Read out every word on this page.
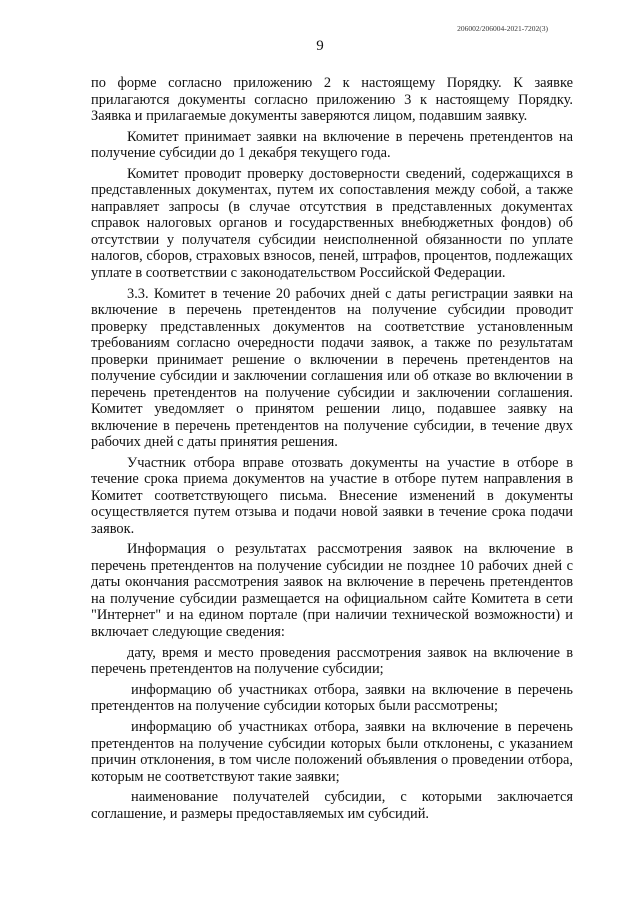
206002/206004-2021-7202(3)
9

по форме согласно приложению 2 к настоящему Порядку. К заявке прилагаются документы согласно приложению 3 к настоящему Порядку. Заявка и прилагаемые документы заверяются лицом, подавшим заявку.

Комитет принимает заявки на включение в перечень претендентов на получение субсидии до 1 декабря текущего года.

Комитет проводит проверку достоверности сведений, содержащихся в представленных документах, путем их сопоставления между собой, а также направляет запросы (в случае отсутствия в представленных документах справок налоговых органов и государственных внебюджетных фондов) об отсутствии у получателя субсидии неисполненной обязанности по уплате налогов, сборов, страховых взносов, пеней, штрафов, процентов, подлежащих уплате в соответствии с законодательством Российской Федерации.

3.3. Комитет в течение 20 рабочих дней с даты регистрации заявки на включение в перечень претендентов на получение субсидии проводит проверку представленных документов на соответствие установленным требованиям согласно очередности подачи заявок, а также по результатам проверки принимает решение о включении в перечень претендентов на получение субсидии и заключении соглашения или об отказе во включении в перечень претендентов на получение субсидии и заключении соглашения. Комитет уведомляет о принятом решении лицо, подавшее заявку на включение в перечень претендентов на получение субсидии, в течение двух рабочих дней с даты принятия решения.

Участник отбора вправе отозвать документы на участие в отборе в течение срока приема документов на участие в отборе путем направления в Комитет соответствующего письма. Внесение изменений в документы осуществляется путем отзыва и подачи новой заявки в течение срока подачи заявок.

Информация о результатах рассмотрения заявок на включение в перечень претендентов на получение субсидии не позднее 10 рабочих дней с даты окончания рассмотрения заявок на включение в перечень претендентов на получение субсидии размещается на официальном сайте Комитета в сети "Интернет" и на едином портале (при наличии технической возможности) и включает следующие сведения:

дату, время и место проведения рассмотрения заявок на включение в перечень претендентов на получение субсидии;

информацию об участниках отбора, заявки на включение в перечень претендентов на получение субсидии которых были рассмотрены;

информацию об участниках отбора, заявки на включение в перечень претендентов на получение субсидии которых были отклонены, с указанием причин отклонения, в том числе положений объявления о проведении отбора, которым не соответствуют такие заявки;

наименование получателей субсидии, с которыми заключается соглашение, и размеры предоставляемых им субсидий.
